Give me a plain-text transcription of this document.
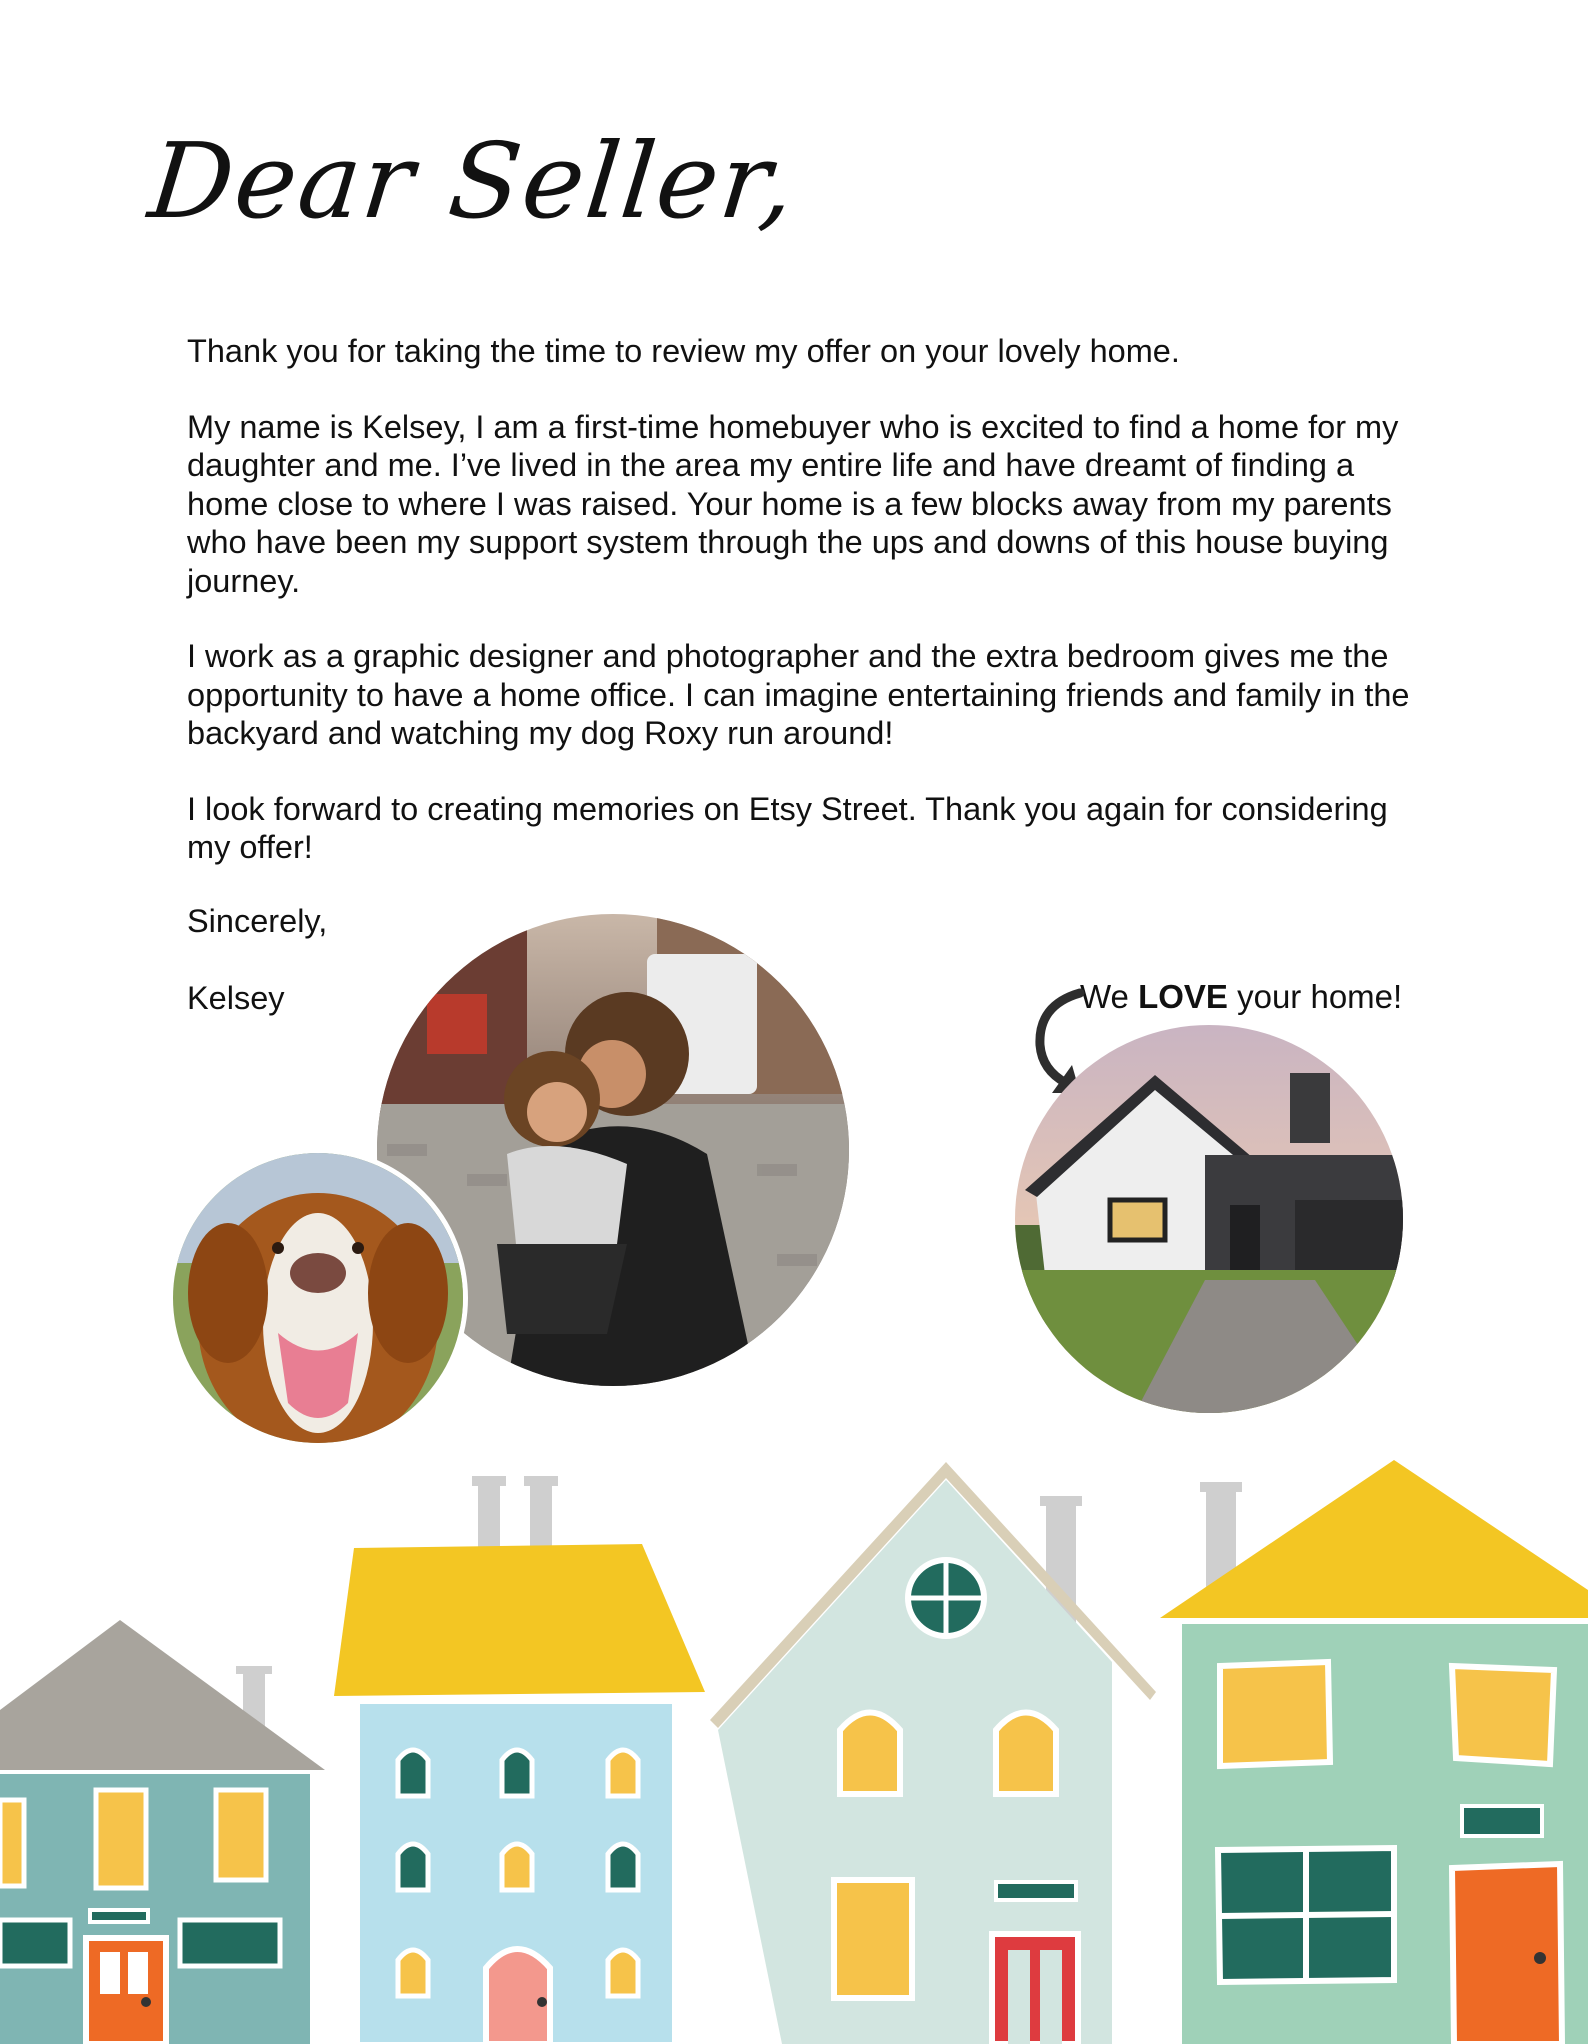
Dear Seller,

Thank you for taking the time to review my offer on your lovely home.

My name is Kelsey, I am a first-time homebuyer who is excited to find a home for my daughter and me. I’ve lived in the area my entire life and have dreamt of finding a home close to where I was raised. Your home is a few blocks away from my parents who have been my support system through the ups and downs of this house buying journey.

I work as a graphic designer and photographer and the extra bedroom gives me the opportunity to have a home office. I can imagine entertaining friends and family in the backyard and watching my dog Roxy run around!

I look forward to creating memories on Etsy Street. Thank you again for considering my offer!

Sincerely,
Kelsey	We LOVE your home!
